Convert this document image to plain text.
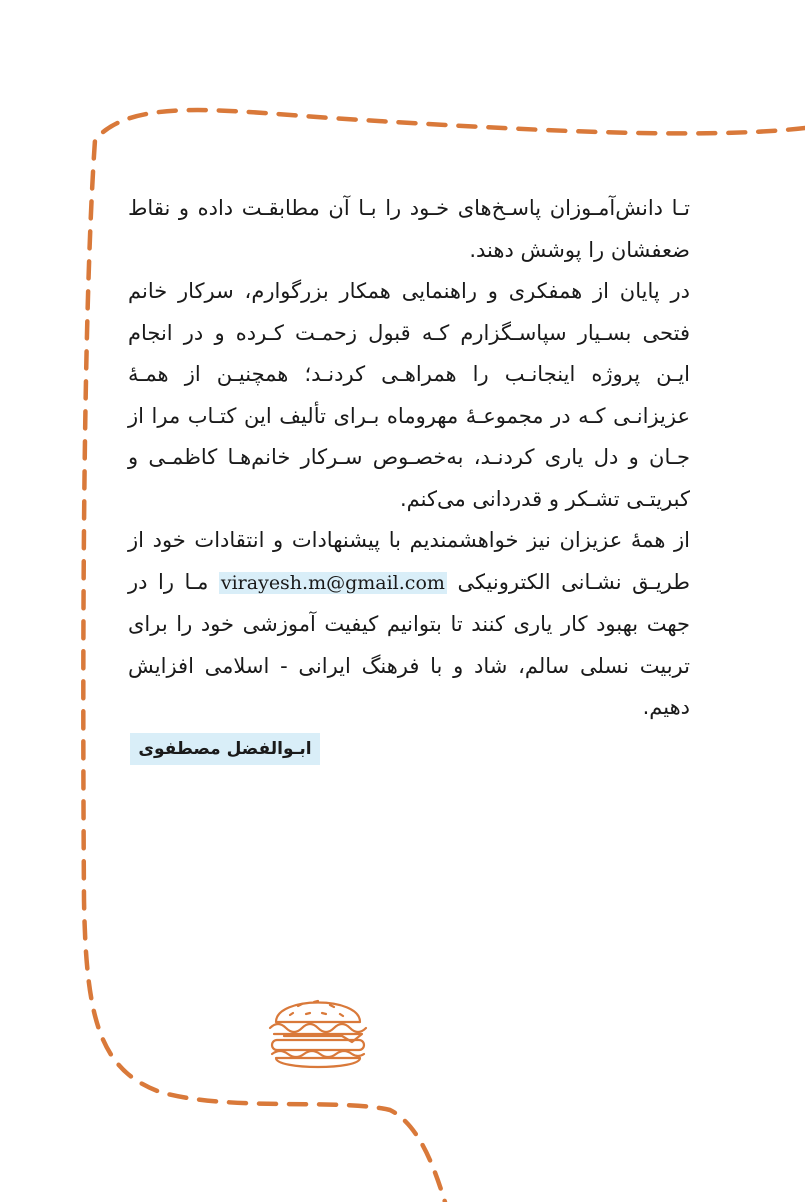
تـا دانش‌آمـوزان پاسـخ‌های خـود را بـا آن مطابقـت داده و نقاط ضعفشان را پوشش دهند.

در پایان از همفکری و راهنمایی همکار بزرگوارم، سرکار خانم فتحی بسـیار سپاسـگزارم کـه قبول زحمـت کـرده و در انجام ایـن پروژه اینجانـب را همراهـی کردنـد؛ همچنیـن از همـهٔ عزیزانـی کـه در مجموعـهٔ مهروماه بـرای تألیف این کتـاب مرا از جـان و دل یاری کردنـد، به‌خصـوص سـرکار خانم‌هـا کاظمـی و کبریتـی تشـکر و قدردانی می‌کنم.

از همهٔ عزیزان نیز خواهشمندیم با پیشنهادات و انتقادات خود از طریـق نشـانی الکترونیکی virayesh.m@gmail.com مـا را در جهت بهبود کار یاری کنند تا بتوانیم کیفیت آموزشی خود را برای تربیت نسلی سالم، شاد و با فرهنگ ایرانی - اسلامی افزایش دهیم.

ابـوالفضل مصطفوی
